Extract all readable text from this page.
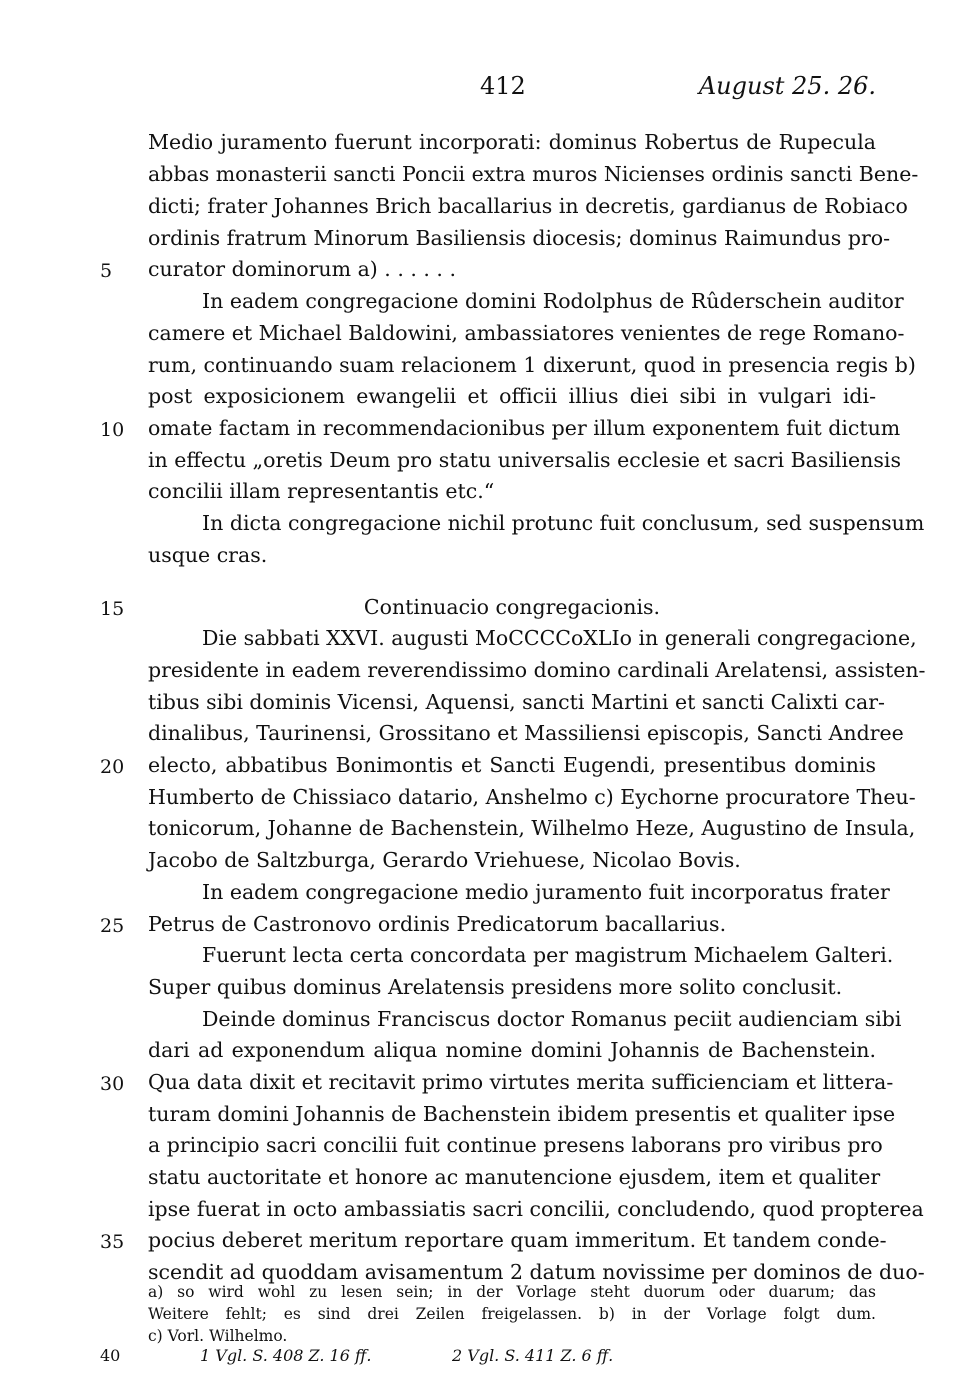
412	August 25. 26.
Medio juramento fuerunt incorporati: dominus Robertus de Rupecula
abbas monasterii sancti Poncii extra muros Nicienses ordinis sancti Bene-
dicti; frater Johannes Brich bacallarius in decretis, gardianus de Robiaco
ordinis fratrum Minorum Basiliensis diocesis; dominus Raimundus pro-
curator dominorum a) . . . . . .
In eadem congregacione domini Rodolphus de Rûderschein auditor
camere et Michael Baldowini, ambassiatores venientes de rege Romano-
rum, continuando suam relacionem 1 dixerunt, quod in presencia regis b)
post exposicionem ewangelii et officii illius diei sibi in vulgari idi-
omate factam in recommendacionibus per illum exponentem fuit dictum
in effectu „oretis Deum pro statu universalis ecclesie et sacri Basiliensis
concilii illam representantis etc.“
In dicta congregacione nichil protunc fuit conclusum, sed suspensum
usque cras.
Continuacio congregacionis.
Die sabbati XXVI. augusti MoCCCCoXLIo in generali congregacione,
presidente in eadem reverendissimo domino cardinali Arelatensi, assisten-
tibus sibi dominis Vicensi, Aquensi, sancti Martini et sancti Calixti car-
dinalibus, Taurinensi, Grossitano et Massiliensi episcopis, Sancti Andree
electo, abbatibus Bonimontis et Sancti Eugendi, presentibus dominis
Humberto de Chissiaco datario, Anshelmo c) Eychorne procuratore Theu-
tonicorum, Johanne de Bachenstein, Wilhelmo Heze, Augustino de Insula,
Jacobo de Saltzburga, Gerardo Vriehuese, Nicolao Bovis.
In eadem congregacione medio juramento fuit incorporatus frater
Petrus de Castronovo ordinis Predicatorum bacallarius.
Fuerunt lecta certa concordata per magistrum Michaelem Galteri.
Super quibus dominus Arelatensis presidens more solito conclusit.
Deinde dominus Franciscus doctor Romanus peciit audienciam sibi
dari ad exponendum aliqua nomine domini Johannis de Bachenstein.
Qua data dixit et recitavit primo virtutes merita sufficienciam et littera-
turam domini Johannis de Bachenstein ibidem presentis et qualiter ipse
a principio sacri concilii fuit continue presens laborans pro viribus pro
statu auctoritate et honore ac manutencione ejusdem, item et qualiter
ipse fuerat in octo ambassiatis sacri concilii, concludendo, quod propterea
pocius deberet meritum reportare quam immeritum. Et tandem conde-
scendit ad quoddam avisamentum 2 datum novissime per dominos de duo-
5
10
15
20
25
30
35
40
a) so wird wohl zu lesen sein; in der Vorlage steht duorum oder duarum; das
Weitere fehlt; es sind drei Zeilen freigelassen. b) in der Vorlage folgt dum.
c) Vorl. Wilhelmo.
1 Vgl. S. 408 Z. 16 ff.	2 Vgl. S. 411 Z. 6 ff.
